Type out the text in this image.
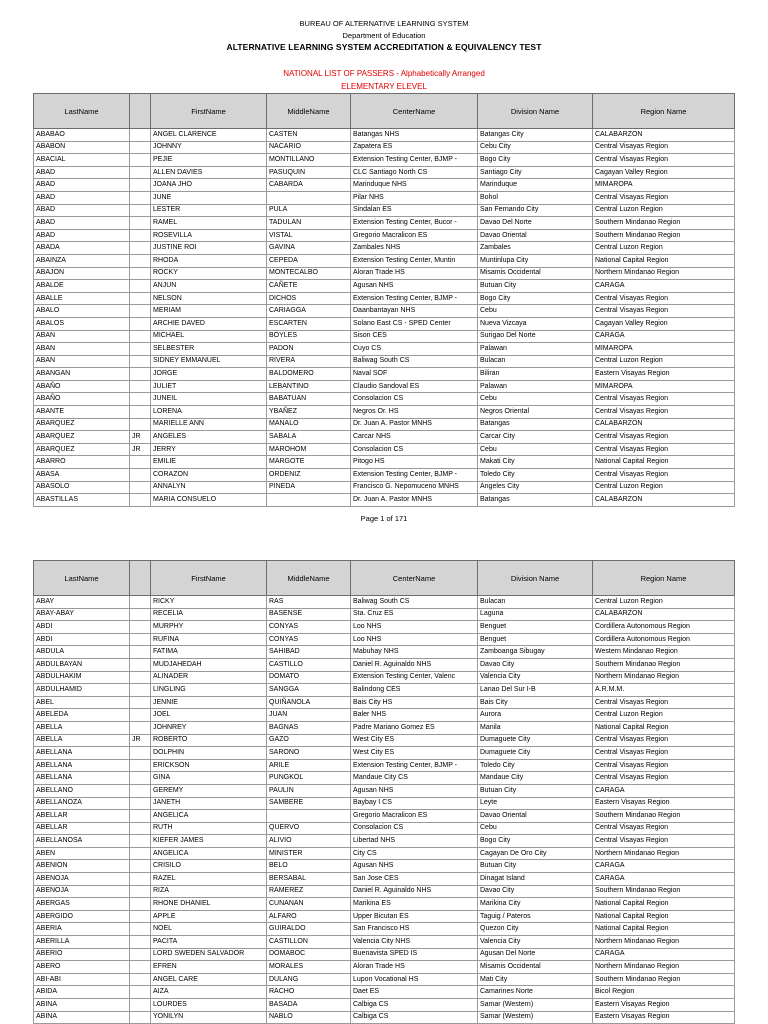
BUREAU OF ALTERNATIVE LEARNING SYSTEM
Department of Education
ALTERNATIVE LEARNING SYSTEM ACCREDITATION & EQUIVALENCY TEST
NATIONAL LIST OF PASSERS - Alphabetically Arranged
ELEMENTARY ELEVEL
LastName		FirstName	MiddleName	CenterName	Division Name	Region Name
ABABAO		ANGEL CLARENCE	CASTEN	Batangas NHS	Batangas City	CALABARZON
ABABON		JOHNNY	NACARIO	Zapatera ES	Cebu City	Central Visayas Region
ABACIAL		PEJIE	MONTILLANO	Extension Testing Center, BJMP -	Bogo City	Central Visayas Region
ABAD		ALLEN DAVIES	PASUQUIN	CLC Santiago North CS	Santiago City	Cagayan Valley Region
ABAD		JOANA JHO	CABARDA	Marinduque NHS	Marinduque	MIMAROPA
ABAD		JUNE		Pilar NHS	Bohol	Central Visayas Region
ABAD		LESTER	PULA	Sindalan ES	San Fernando City	Central Luzon Region
ABAD		RAMEL	TADULAN	Extension Testing Center, Bucor -	Davao Del Norte	Southern Mindanao Region
ABAD		ROSEVILLA	VISTAL	Gregorio Macralicon ES	Davao Oriental	Southern Mindanao Region
ABADA		JUSTINE ROI	GAVINA	Zambales NHS	Zambales	Central Luzon Region
ABAINZA		RHODA	CEPEDA	Extension Testing Center, Muntin	Muntinlupa City	National Capital Region
ABAJON		ROCKY	MONTECALBO	Aloran Trade HS	Misamis Occidental	Northern Mindanao Region
ABALDE		ANJUN	CAÑETE	Agusan NHS	Butuan City	CARAGA
ABALLE		NELSON	DICHOS	Extension Testing Center, BJMP -	Bogo City	Central Visayas Region
ABALO		MERIAM	CARIAGGA	Daanbantayan NHS	Cebu	Central Visayas Region
ABALOS		ARCHIE DAVED	ESCARTEN	Solano East CS - SPED Center	Nueva Vizcaya	Cagayan Valley Region
ABAN		MICHAEL	BOYLES	Sison CES	Surigao Del Norte	CARAGA
ABAN		SELBESTER	PADON	Cuyo CS	Palawan	MIMAROPA
ABAN		SIDNEY EMMANUEL	RIVERA	Baliwag South CS	Bulacan	Central Luzon Region
ABANGAN		JORGE	BALDOMERO	Naval SOF	Biliran	Eastern Visayas Region
ABAÑO		JULIET	LEBANTINO	Claudio Sandoval ES	Palawan	MIMAROPA
ABAÑO		JUNEIL	BABATUAN	Consolacion CS	Cebu	Central Visayas Region
ABANTE		LORENA	YBAÑEZ	Negros Or. HS	Negros Oriental	Central Visayas Region
ABARQUEZ		MARIELLE ANN	MANALO	Dr. Juan A. Pastor MNHS	Batangas	CALABARZON
ABARQUEZ	JR	ANGELES	SABALA	Carcar NHS	Carcar City	Central Visayas Region
ABARQUEZ	JR	JERRY	MAROHOM	Consolacion CS	Cebu	Central Visayas Region
ABARRO		EMILIE	MARGOTE	Pitogo HS	Makati City	National Capital Region
ABASA		CORAZON	ORDENIZ	Extension Testing Center, BJMP -	Toledo City	Central Visayas Region
ABASOLO		ANNALYN	PINEDA	Francisco G. Nepomuceno MNHS	Angeles City	Central Luzon Region
ABASTILLAS		MARIA CONSUELO		Dr. Juan A. Pastor MNHS	Batangas	CALABARZON
Page 1 of 171
LastName		FirstName	MiddleName	CenterName	Division Name	Region Name
ABAY		RICKY	RAS	Baliwag South CS	Bulacan	Central Luzon Region
ABAY-ABAY		RECELIA	BASENSE	Sta. Cruz ES	Laguna	CALABARZON
ABDI		MURPHY	CONYAS	Loo NHS	Benguet	Cordillera Autonomous Region
ABDI		RUFINA	CONYAS	Loo NHS	Benguet	Cordillera Autonomous Region
ABDULA		FATIMA	SAHIBAD	Mabuhay NHS	Zamboanga Sibugay	Western Mindanao Region
ABDULBAYAN		MUDJAHEDAH	CASTILLO	Daniel R. Aguinaldo NHS	Davao City	Southern Mindanao Region
ABDULHAKIM		ALINADER	DOMATO	Extension Testing Center, Valenc	Valencia City	Northern Mindanao Region
ABDULHAMID		LINGLING	SANGGA	Balindong CES	Lanao Del Sur I-B	A.R.M.M.
ABEL		JENNIE	QUIÑANOLA	Bais City HS	Bais City	Central Visayas Region
ABELEDA		JOEL	JUAN	Baler NHS	Aurora	Central Luzon Region
ABELLA		JOHNREY	BAGNAS	Padre Mariano Gomez ES	Manila	National Capital Region
ABELLA	JR	ROBERTO	GAZO	West City ES	Dumaguete City	Central Visayas Region
ABELLANA		DOLPHIN	SARONO	West City ES	Dumaguete City	Central Visayas Region
ABELLANA		ERICKSON	ARILE	Extension Testing Center, BJMP -	Toledo City	Central Visayas Region
ABELLANA		GINA	PUNGKOL	Mandaue City CS	Mandaue City	Central Visayas Region
ABELLANO		GEREMY	PAULIN	Agusan NHS	Butuan City	CARAGA
ABELLANOZA		JANETH	SAMBERE	Baybay I CS	Leyte	Eastern Visayas Region
ABELLAR		ANGELICA		Gregorio Macralicon ES	Davao Oriental	Southern Mindanao Region
ABELLAR		RUTH	QUERVO	Consolacion CS	Cebu	Central Visayas Region
ABELLANOSA		KIEFER JAMES	ALIVIO	Libertad NHS	Bogo City	Central Visayas Region
ABEN		ANGELICA	MINISTER	City CS	Cagayan De Oro City	Northern Mindanao Region
ABENION		CRISILO	BELO	Agusan NHS	Butuan City	CARAGA
ABENOJA		RAZEL	BERSABAL	San Jose CES	Dinagat Island	CARAGA
ABENOJA		RIZA	RAMEREZ	Daniel R. Aguinaldo NHS	Davao City	Southern Mindanao Region
ABERGAS		RHONE DHANIEL	CUNANAN	Marikina ES	Marikina City	National Capital Region
ABERGIDO		APPLE	ALFARO	Upper Bicutan ES	Taguig / Pateros	National Capital Region
ABERIA		NOEL	GUIRALDO	San Francisco HS	Quezon City	National Capital Region
ABERILLA		PACITA	CASTILLON	Valencia City NHS	Valencia City	Northern Mindanao Region
ABERIO		LORD SWEDEN SALVADOR	DOMABOC	Buenavista SPED IS	Agusan Del Norte	CARAGA
ABERO		EFREN	MORALES	Aloran Trade HS	Misamis Occidental	Northern Mindanao Region
ABI-ABI		ANGEL CARE	DULANG	Lupon Vocational HS	Mati City	Southern Mindanao Region
ABIDA		AIZA	RACHO	Daet ES	Camarines Norte	Bicol Region
ABINA		LOURDES	BASADA	Calbiga CS	Samar (Western)	Eastern Visayas Region
ABINA		YONILYN	NABLO	Calbiga CS	Samar (Western)	Eastern Visayas Region
